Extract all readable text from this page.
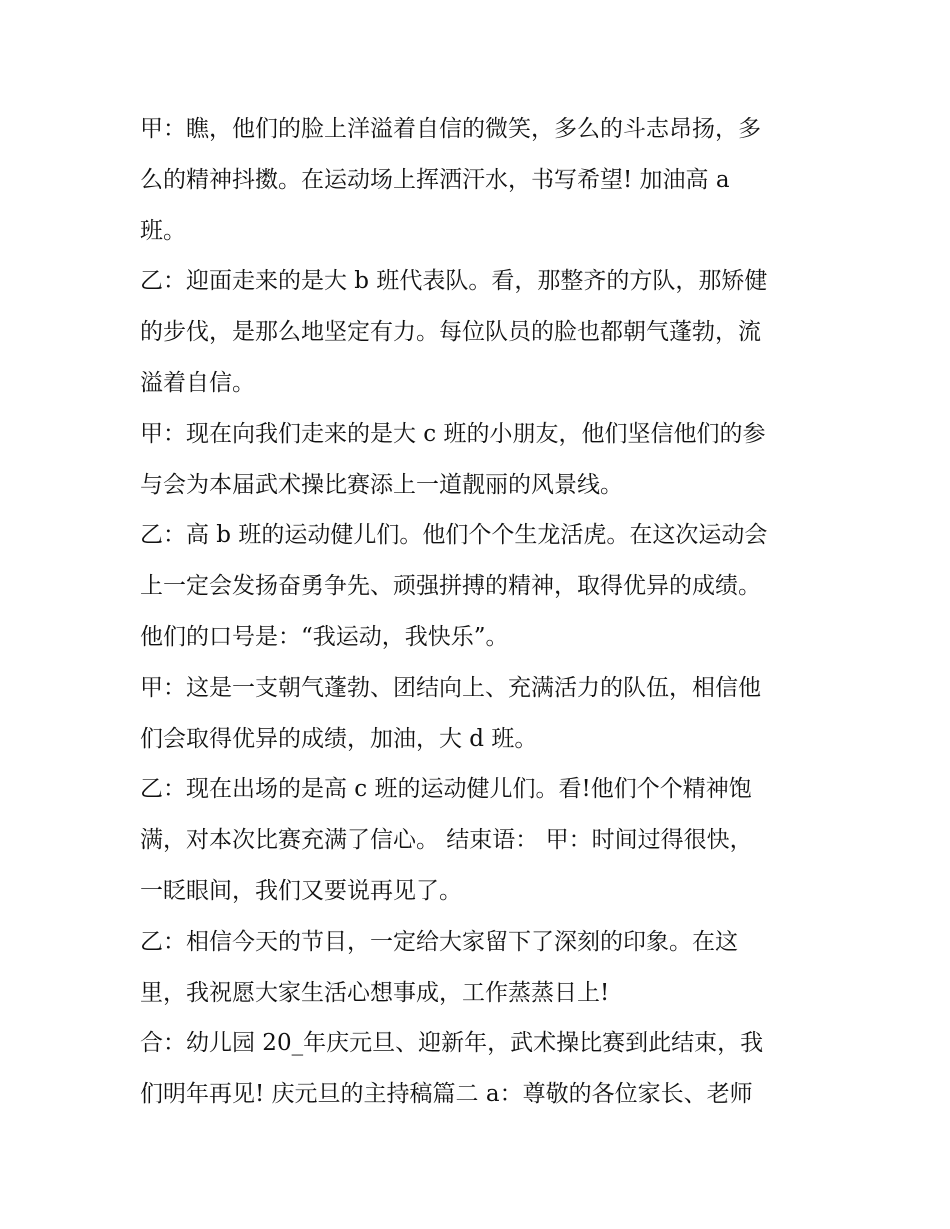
甲：瞧，他们的脸上洋溢着自信的微笑，多么的斗志昂扬，多
么的精神抖擞。在运动场上挥洒汗水，书写希望! 加油高 a
班。
乙：迎面走来的是大 b 班代表队。看，那整齐的方队，那矫健
的步伐，是那么地坚定有力。每位队员的脸也都朝气蓬勃，流
溢着自信。
甲：现在向我们走来的是大 c 班的小朋友，他们坚信他们的参
与会为本届武术操比赛添上一道靓丽的风景线。
乙：高 b 班的运动健儿们。他们个个生龙活虎。在这次运动会
上一定会发扬奋勇争先、顽强拼搏的精神，取得优异的成绩。
他们的口号是：“我运动，我快乐”。
甲：这是一支朝气蓬勃、团结向上、充满活力的队伍，相信他
们会取得优异的成绩，加油，大 d 班。
乙：现在出场的是高 c 班的运动健儿们。看!他们个个精神饱
满，对本次比赛充满了信心。 结束语： 甲：时间过得很快，
一眨眼间，我们又要说再见了。
乙：相信今天的节目，一定给大家留下了深刻的印象。在这
里，我祝愿大家生活心想事成，工作蒸蒸日上!
合：幼儿园 20_年庆元旦、迎新年，武术操比赛到此结束，我
们明年再见! 庆元旦的主持稿篇二 a：尊敬的各位家长、老师
